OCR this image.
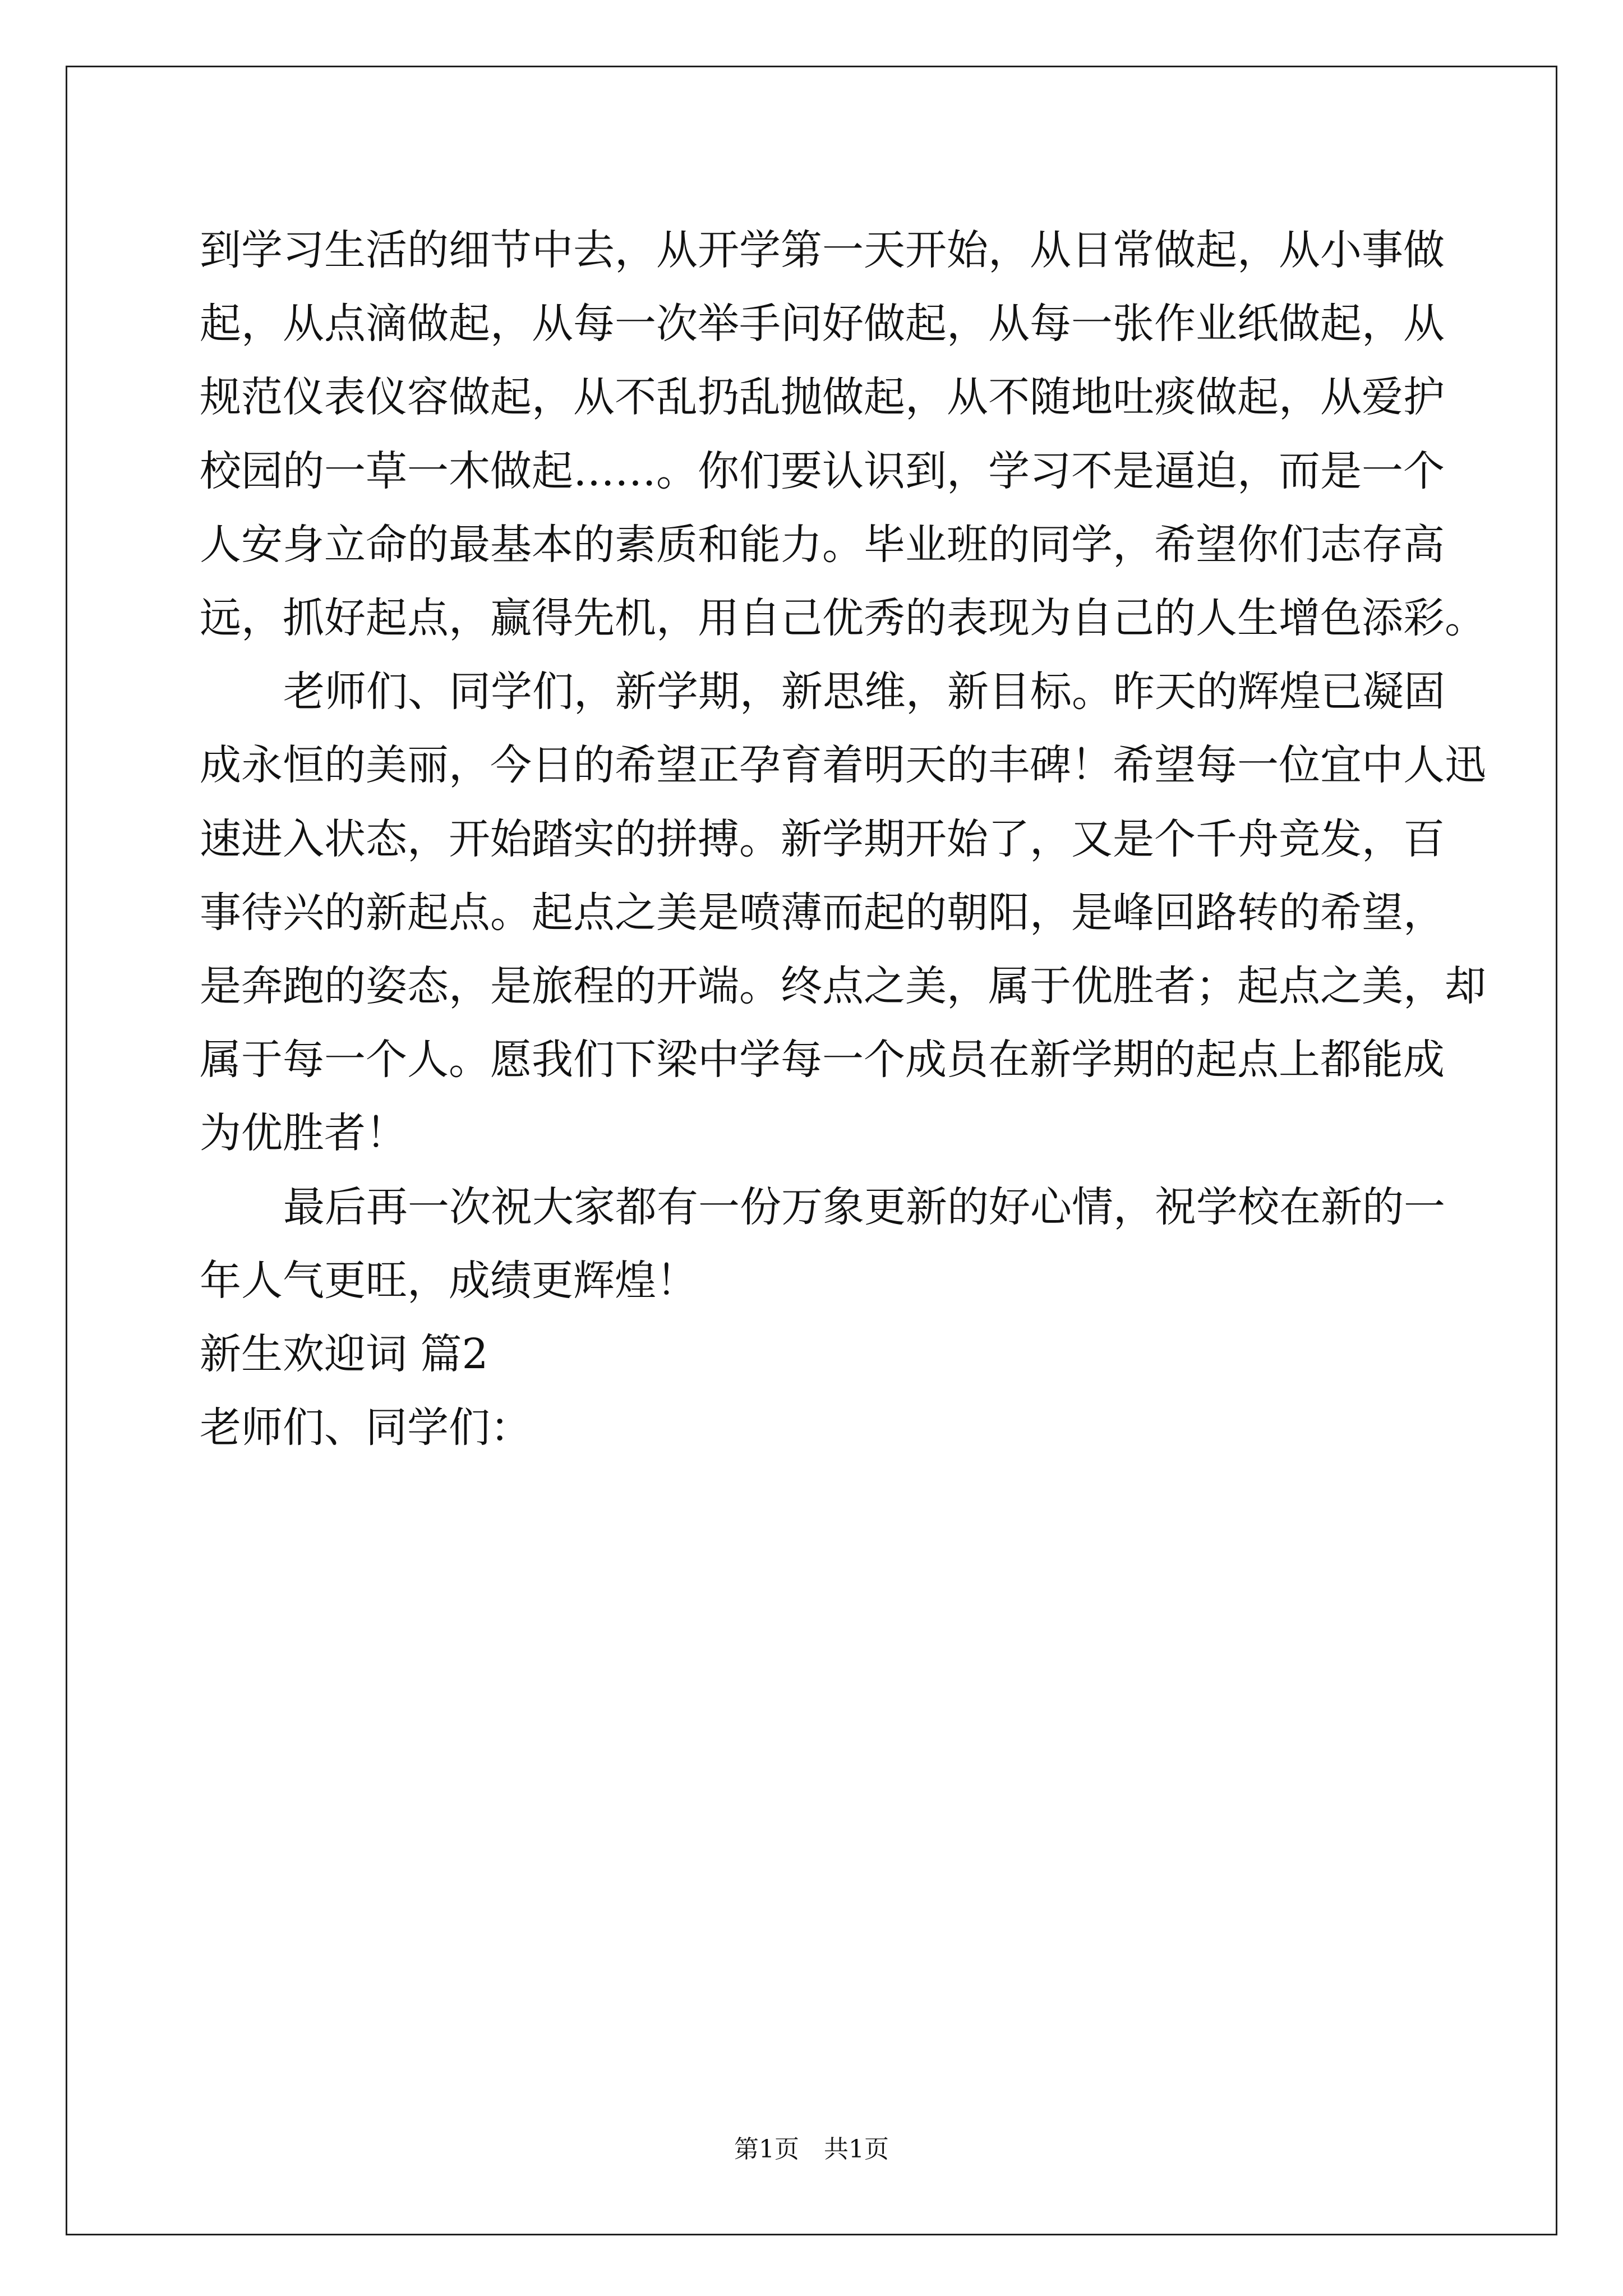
到学习生活的细节中去，从开学第一天开始，从日常做起，从小事做
起，从点滴做起，从每一次举手问好做起，从每一张作业纸做起，从
规范仪表仪容做起，从不乱扔乱抛做起，从不随地吐痰做起，从爱护
校园的一草一木做起……。你们要认识到，学习不是逼迫，而是一个
人安身立命的最基本的素质和能力。毕业班的同学，希望你们志存高
远，抓好起点，赢得先机，用自己优秀的表现为自己的人生增色添彩。
老师们、同学们，新学期，新思维，新目标。昨天的辉煌已凝固
成永恒的美丽，今日的希望正孕育着明天的丰碑！希望每一位宜中人迅
速进入状态，开始踏实的拼搏。新学期开始了，又是个千舟竞发，百
事待兴的新起点。起点之美是喷薄而起的朝阳，是峰回路转的希望，
是奔跑的姿态，是旅程的开端。终点之美，属于优胜者；起点之美，却
属于每一个人。愿我们下梁中学每一个成员在新学期的起点上都能成
为优胜者！
最后再一次祝大家都有一份万象更新的好心情，祝学校在新的一
年人气更旺，成绩更辉煌！
新生欢迎词 篇2
老师们、同学们：
第1页　共1页
